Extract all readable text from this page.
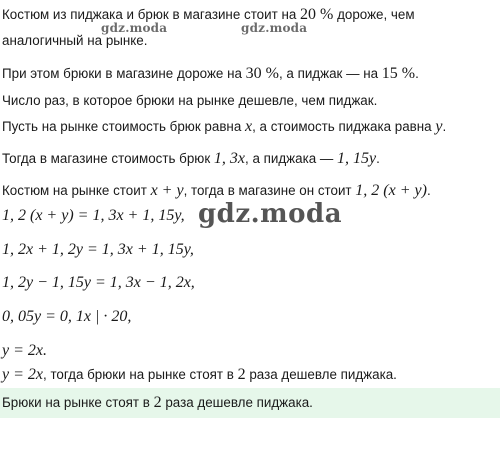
Костюм из пиджака и брюк в магазине стоит на 20 % дороже, чем
аналогичный на рынке.
gdz.moda	gdz.moda
При этом брюки в магазине дороже на 30 %, а пиджак — на 15 %.
Число раз, в которое брюки на рынке дешевле, чем пиджак.
Пусть на рынке стоимость брюк равна x, а стоимость пиджака равна y.
Тогда в магазине стоимость брюк 1, 3x, а пиджака — 1, 15y.
Костюм на рынке стоит x + y, тогда в магазине он стоит 1, 2 (x + y).
1, 2 (x + y) = 1, 3x + 1, 15y, gdz.moda
1, 2x + 1, 2y = 1, 3x + 1, 15y,
1, 2y − 1, 15y = 1, 3x − 1, 2x,
0, 05y = 0, 1x | · 20,
y = 2x.
y = 2x, тогда брюки на рынке стоят в 2 раза дешевле пиджака.
Брюки на рынке стоят в 2 раза дешевле пиджака.
